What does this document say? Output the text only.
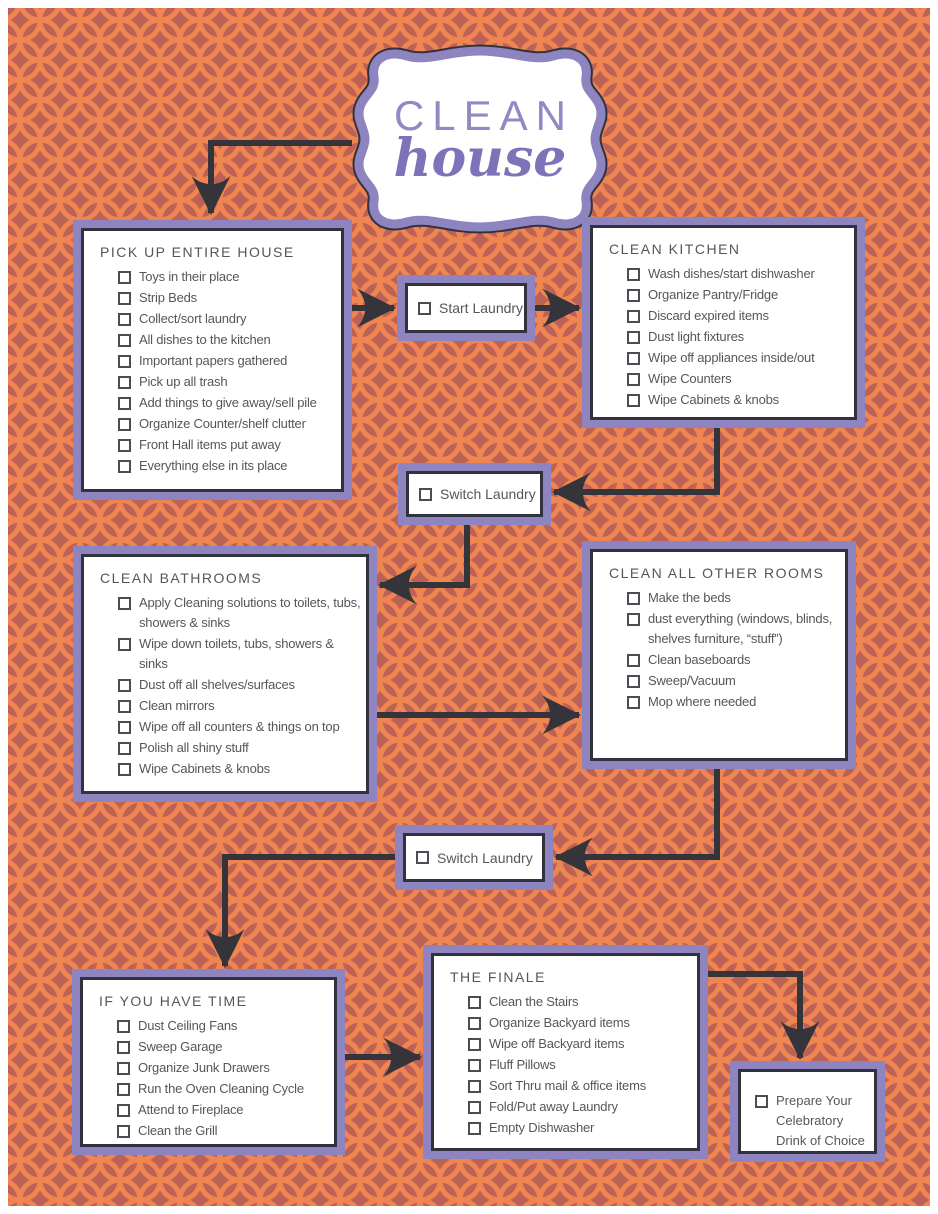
CLEAN
house
PICK UP ENTIRE HOUSE
Toys in their place
Strip Beds
Collect/sort laundry
All dishes to the kitchen
Important papers gathered
Pick up all trash
Add things to give away/sell pile
Organize Counter/shelf clutter
Front Hall items put away
Everything else in its place
Start Laundry
CLEAN KITCHEN
Wash dishes/start dishwasher
Organize Pantry/Fridge
Discard expired items
Dust light fixtures
Wipe off appliances inside/out
Wipe Counters
Wipe Cabinets & knobs
Switch Laundry
CLEAN BATHROOMS
Apply Cleaning solutions to toilets, tubs, showers & sinks
Wipe down toilets, tubs, showers & sinks
Dust off all shelves/surfaces
Clean mirrors
Wipe off all counters & things on top
Polish all shiny stuff
Wipe Cabinets & knobs
CLEAN ALL OTHER ROOMS
Make the beds
dust everything (windows, blinds, shelves furniture, “stuff”)
Clean baseboards
Sweep/Vacuum
Mop where needed
Switch Laundry
IF YOU HAVE TIME
Dust Ceiling Fans
Sweep Garage
Organize Junk Drawers
Run the Oven Cleaning Cycle
Attend to Fireplace
Clean the Grill
THE FINALE
Clean the Stairs
Organize Backyard items
Wipe off Backyard items
Fluff Pillows
Sort Thru mail & office items
Fold/Put away Laundry
Empty Dishwasher
Prepare Your
Celebratory
Drink of Choice
